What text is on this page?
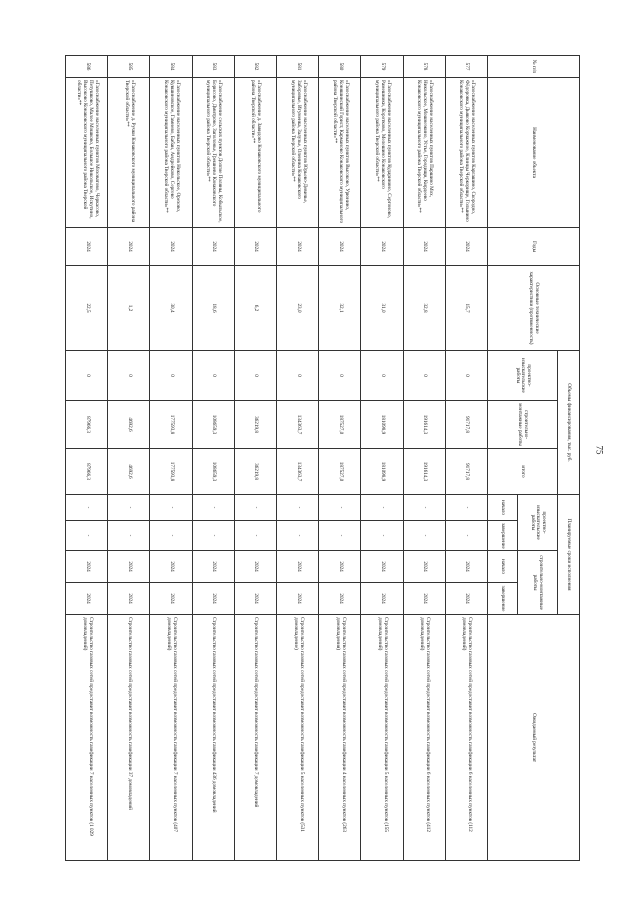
75
№ п/п	Наименование объекта	Годы	Основные технические характеристики (протяженность)	Объемы финансирования, тыс. руб.			Планируемые сроки исполнения				Ожидаемый результат
				проектно-изыскательские работы	строительно-монтажные работы	итого	проектно-изыскательские работы		строительно-монтажные работы		
							начало	завершение	начало	завершение	
577	«Газоснабжение населенных пунктов Каргашино, Скородно, Фёдоровка, Дьяково Корчажное, Клинцы Черкорище, Голынино Конаковского муниципального района Тверской области»**	2024	15,7	0	91717,8	91717,8	-	-	2024	2024	Строительство газовых сетей предоставит возможность газификации 6 населенных пунктов (112 домовладений)
578	«Газоснабжение населенных пунктов Паршино Мох, Никольское, Мошнеэкино, Устье, Городищи, Кирдеево Конаковского муниципального района Тверской области»**	2024	32,8	0	191614,3	191614,3	-	-	2024	2024	Строительство газовых сетей предоставит возможность газификации 6 населенных пунктов (412 домовладений)
579	«Газоснабжение населенных пунктов Кударинино, Сергоново, Рамешники, Коротково, Мелешино Конаковского муниципального района Тверской области»**	2024	31,0	0	181098,9	181098,9	-	-	2024	2024	Строительство газовых сетей предоставит возможность газификации 5 населенных пунктов (155 домовладений)
580	«Газоснабжение населенных пунктов Высоково, Урюнино, Коняшинский Горист, Карманово Конаковского муниципального района Тверской области»**	2024	32,1	0	187527,0	187527,0	-	-	2024	2024	Строительство газовых сетей предоставит возможность газификации 4 населенных пунктов (263 домовладения)
581	«Газоснабжение населенных пунктов Юрьево-Девичье, Заборовье, Игуменка, Залузье, Оленина Конаковского муниципального района Тверской области»**	2024	23,0	0	134363,7	134363,7	-	-	2024	2024	Строительство газовых сетей предоставит возможность газификации 5 населенных пунктов (531 домовладение)
582	«Газоснабжение д. Завидово Конаковского муниципального района Тверской области»**	2024	6,2	0	36219,8	36219,8	-	-	2024	2024	Строительство газовых сетей предоставит возможность газификации 7 домовладений
583	«Газоснабжение сельских пунктов Долгие Поляны, Кобыльское, Борисово, Дмитрово, Заполонье, Грешнево Конаковского муниципального района Тверской области»**	2024	18,6	0	108659,3	108659,3	-	-	2024	2024	Строительство газовых сетей предоставит возможность газификации 436 домовладений
584	«Газоснабжение населенных пунктов Никольское, Орехово, Кувшиновское, Гамнево, Бабаи, Андрейково, Сергево Конаковского муниципального района Тверской области»**	2024	30,4	0	177593,8	177593,8	-	-	2024	2024	Строительство газовых сетей предоставит возможность газификации 7 населенных пунктов (407 домовладений)
585	«Газоснабжение д. Ручки Конаковского муниципального района Тверской области»**	2024	1,2	0	4692,6	4692,6	-	-	2024	2024	Строительство газовых сетей предоставит возможность газификации 37 домовладений
586	«Газоснабжение населенных пунктов Моховатово, Черкасово, Петушково, Малое Мошково, Большое Никольское, Искутино, Высоково Конаковского муниципального района Тверской области»**	2024	22,5	0	87966,3	87966,3	-	-	2024	2024	Строительство газовых сетей предоставит возможность газификации 7 населенных пунктов (1 029 домовладений)
